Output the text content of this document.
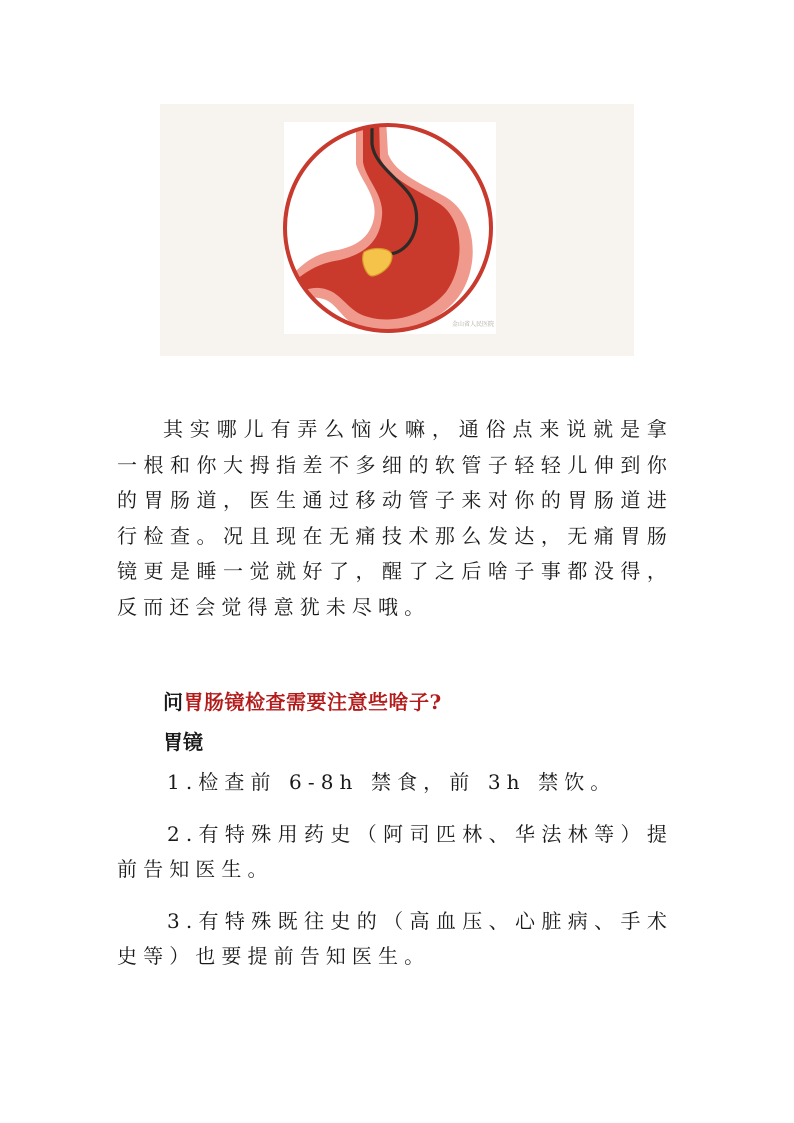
金山省人民医院

其实哪儿有弄么恼火嘛，通俗点来说就是拿一根和你大拇指差不多细的软管子轻轻儿伸到你的胃肠道，医生通过移动管子来对你的胃肠道进行检查。况且现在无痛技术那么发达，无痛胃肠镜更是睡一觉就好了，醒了之后啥子事都没得，反而还会觉得意犹未尽哦。

问胃肠镜检查需要注意些啥子?
胃镜

1.检查前 6-8h 禁食，前 3h 禁饮。

2.有特殊用药史（阿司匹林、华法林等）提前告知医生。

3.有特殊既往史的（高血压、心脏病、手术史等）也要提前告知医生。
